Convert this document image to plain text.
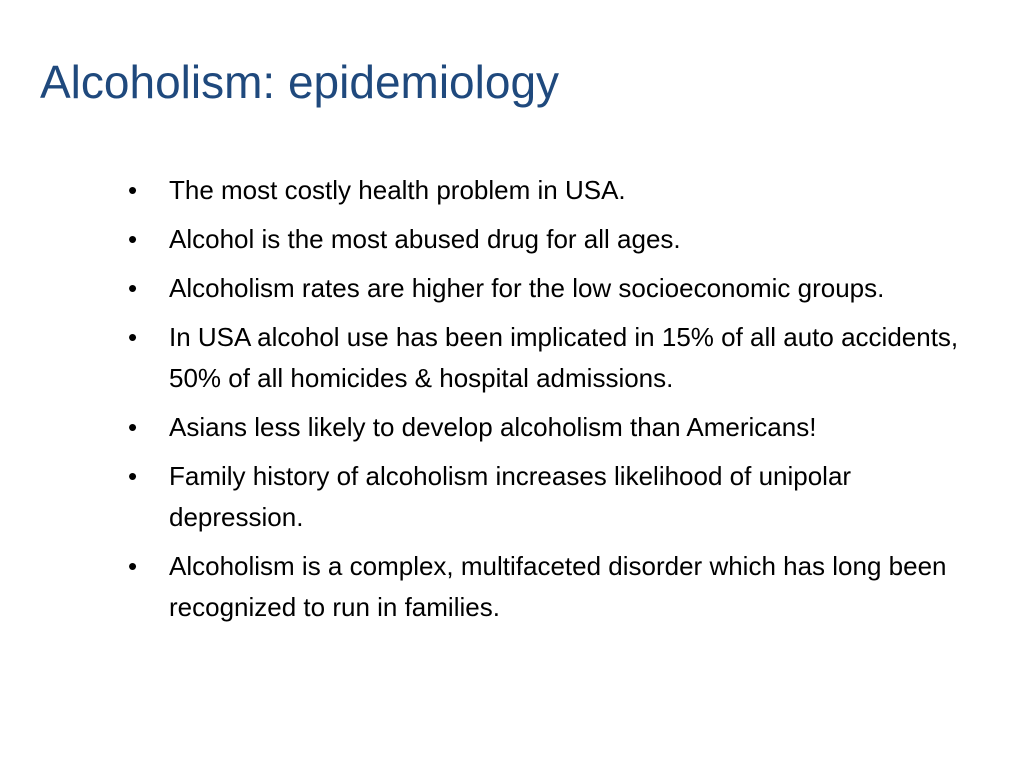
Alcoholism: epidemiology
•	The most costly health problem in USA.
•	Alcohol is the most abused drug for all ages.
•	Alcoholism rates are higher for the low socioeconomic groups.
•	In USA alcohol use has been implicated in 15% of all auto accidents, 50% of all homicides & hospital admissions.
•	Asians less likely to develop alcoholism than Americans!
•	Family history of alcoholism increases likelihood of unipolar depression.
•	Alcoholism is a complex, multifaceted disorder which has long been recognized to run in families.
